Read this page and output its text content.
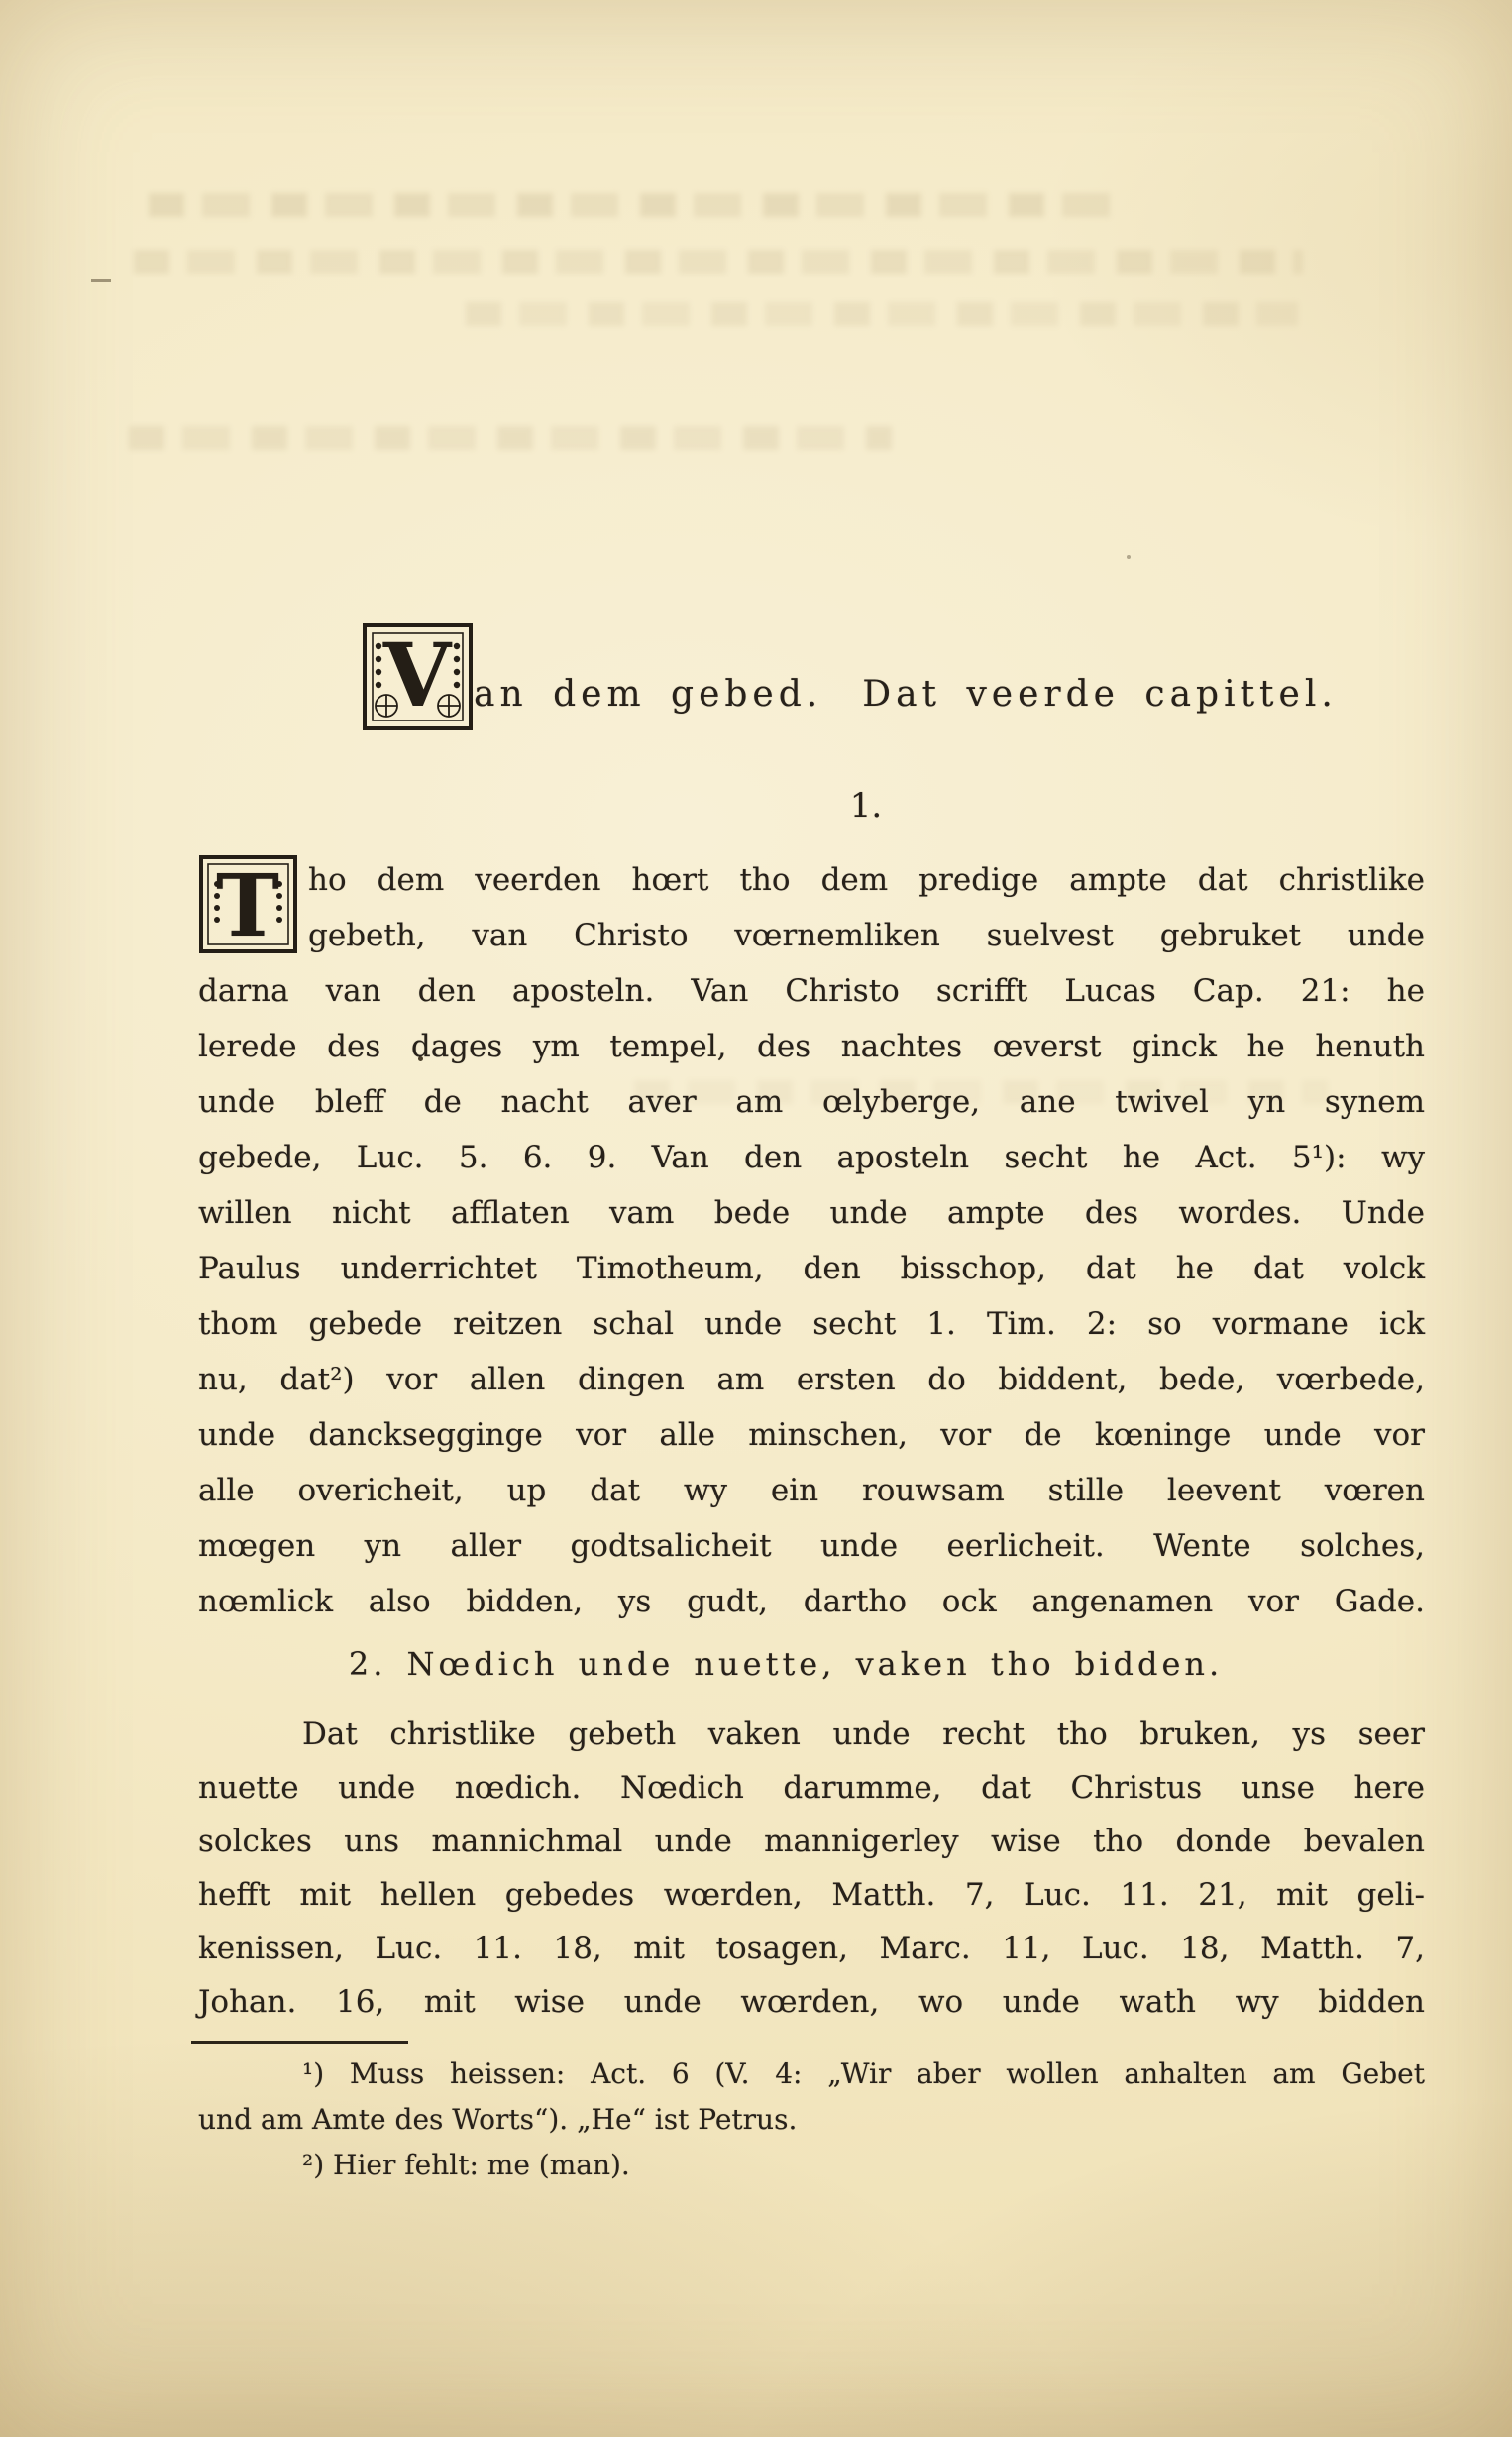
V an dem gebed. Dat veerde capittel.
1.
T ho dem veerden hœrt tho dem predige ampte dat christlike
gebeth, van Christo vœrnemliken suelvest gebruket unde
darna van den aposteln. Van Christo scrifft Lucas Cap. 21: he
lerede des dages ym tempel, des nachtes œverst ginck he henuth
unde bleff de nacht aver am œlyberge, ane twivel yn synem
gebede, Luc. 5. 6. 9. Van den aposteln secht he Act. 5¹): wy
willen nicht afflaten vam bede unde ampte des wordes. Unde
Paulus underrichtet Timotheum, den bisschop, dat he dat volck
thom gebede reitzen schal unde secht 1. Tim. 2: so vormane ick
nu, dat²) vor allen dingen am ersten do biddent, bede, vœrbede,
unde dancksegginge vor alle minschen, vor de kœninge unde vor
alle overicheit, up dat wy ein rouwsam stille leevent vœren
mœgen yn aller godtsalicheit unde eerlicheit. Wente solches,
nœmlick also bidden, ys gudt, dartho ock angenamen vor Gade.
2. Nœdich unde nuette, vaken tho bidden.
Dat christlike gebeth vaken unde recht tho bruken, ys seer
nuette unde nœdich. Nœdich darumme, dat Christus unse here
solckes uns mannichmal unde mannigerley wise tho donde bevalen
hefft mit hellen gebedes wœrden, Matth. 7, Luc. 11. 21, mit geli-
kenissen, Luc. 11. 18, mit tosagen, Marc. 11, Luc. 18, Matth. 7,
Johan. 16, mit wise unde wœrden, wo unde wath wy bidden
¹) Muss heissen: Act. 6 (V. 4: „Wir aber wollen anhalten am Gebet
und am Amte des Worts“). „He“ ist Petrus.
²) Hier fehlt: me (man).
